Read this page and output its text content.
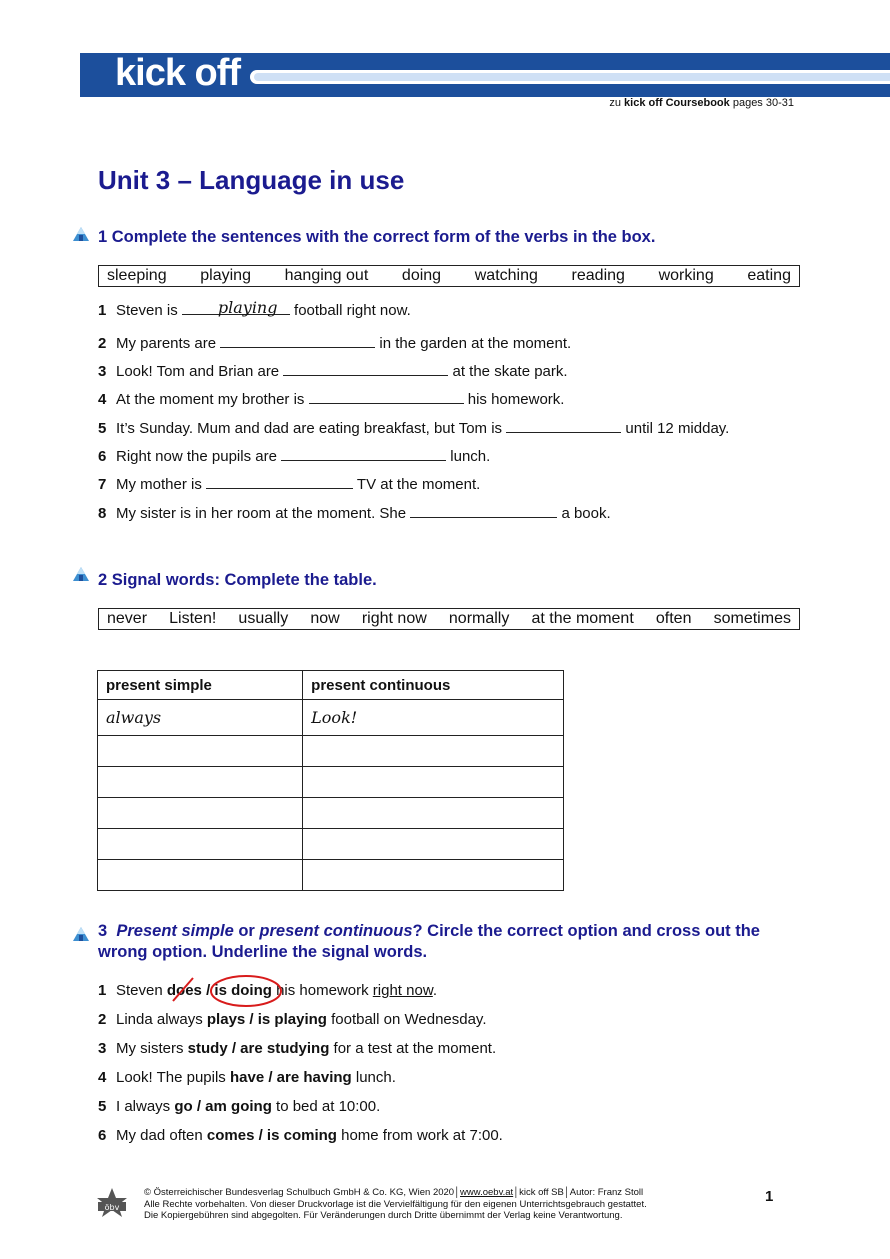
kick off
zu kick off Coursebook pages 30-31
Unit 3 – Language in use
1 Complete the sentences with the correct form of the verbs in the box.
sleeping playing hanging out doing watching reading working eating
1 Steven is playing football right now.
2 My parents are	in the garden at the moment.
3 Look! Tom and Brian are	at the skate park.
4 At the moment my brother is	his homework.
5 It’s Sunday. Mum and dad are eating breakfast, but Tom is	until 12 midday.
6 Right now the pupils are	lunch.
7 My mother is	TV at the moment.
8 My sister is in her room at the moment. She	a book.
2 Signal words: Complete the table.
never Listen! usually now right now normally at the moment often sometimes
present simple	present continuous
always	Look!

3 Present simple or present continuous? Circle the correct option and cross out the wrong option. Underline the signal words.
1 Steven does
/ is doing
his homework right now.
2 Linda always plays / is playing football on Wednesday.
3 My sisters study / are studying for a test at the moment.
4 Look! The pupils have / are having lunch.
5 I always go / am going to bed at 10:00.
6 My dad often comes / is coming home from work at 7:00.
öbv
© Österreichischer Bundesverlag Schulbuch GmbH & Co. KG, Wien 2020│www.oebv.at│kick off SB│Autor: Franz Stoll
Alle Rechte vorbehalten. Von dieser Druckvorlage ist die Vervielfältigung für den eigenen Unterrichtsgebrauch gestattet.
Die Kopiergebühren sind abgegolten. Für Veränderungen durch Dritte übernimmt der Verlag keine Verantwortung.
1
